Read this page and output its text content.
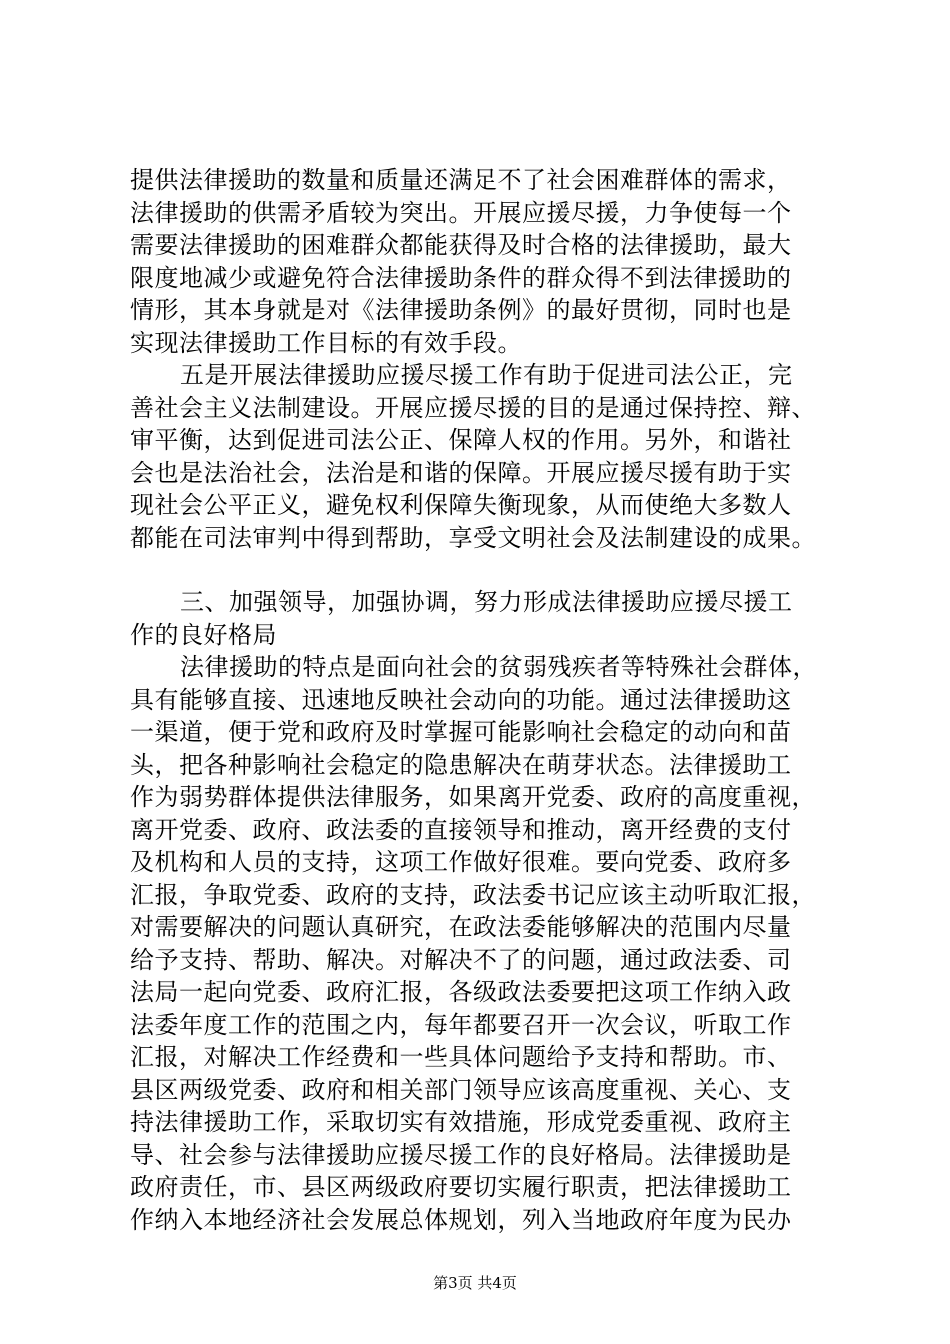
提供法律援助的数量和质量还满足不了社会困难群体的需求，
法律援助的供需矛盾较为突出。开展应援尽援，力争使每一个
需要法律援助的困难群众都能获得及时合格的法律援助，最大
限度地减少或避免符合法律援助条件的群众得不到法律援助的
情形，其本身就是对《法律援助条例》的最好贯彻，同时也是
实现法律援助工作目标的有效手段。
五是开展法律援助应援尽援工作有助于促进司法公正，完
善社会主义法制建设。开展应援尽援的目的是通过保持控、辩、
审平衡，达到促进司法公正、保障人权的作用。另外，和谐社
会也是法治社会，法治是和谐的保障。开展应援尽援有助于实
现社会公平正义，避免权利保障失衡现象，从而使绝大多数人
都能在司法审判中得到帮助，享受文明社会及法制建设的成果。
三、加强领导，加强协调，努力形成法律援助应援尽援工
作的良好格局
法律援助的特点是面向社会的贫弱残疾者等特殊社会群体，
具有能够直接、迅速地反映社会动向的功能。通过法律援助这
一渠道，便于党和政府及时掌握可能影响社会稳定的动向和苗
头，把各种影响社会稳定的隐患解决在萌芽状态。法律援助工
作为弱势群体提供法律服务，如果离开党委、政府的高度重视，
离开党委、政府、政法委的直接领导和推动，离开经费的支付
及机构和人员的支持，这项工作做好很难。要向党委、政府多
汇报，争取党委、政府的支持，政法委书记应该主动听取汇报，
对需要解决的问题认真研究，在政法委能够解决的范围内尽量
给予支持、帮助、解决。对解决不了的问题，通过政法委、司
法局一起向党委、政府汇报，各级政法委要把这项工作纳入政
法委年度工作的范围之内，每年都要召开一次会议，听取工作
汇报，对解决工作经费和一些具体问题给予支持和帮助。市、
县区两级党委、政府和相关部门领导应该高度重视、关心、支
持法律援助工作，采取切实有效措施，形成党委重视、政府主
导、社会参与法律援助应援尽援工作的良好格局。法律援助是
政府责任，市、县区两级政府要切实履行职责，把法律援助工
作纳入本地经济社会发展总体规划，列入当地政府年度为民办
第3页 共4页
